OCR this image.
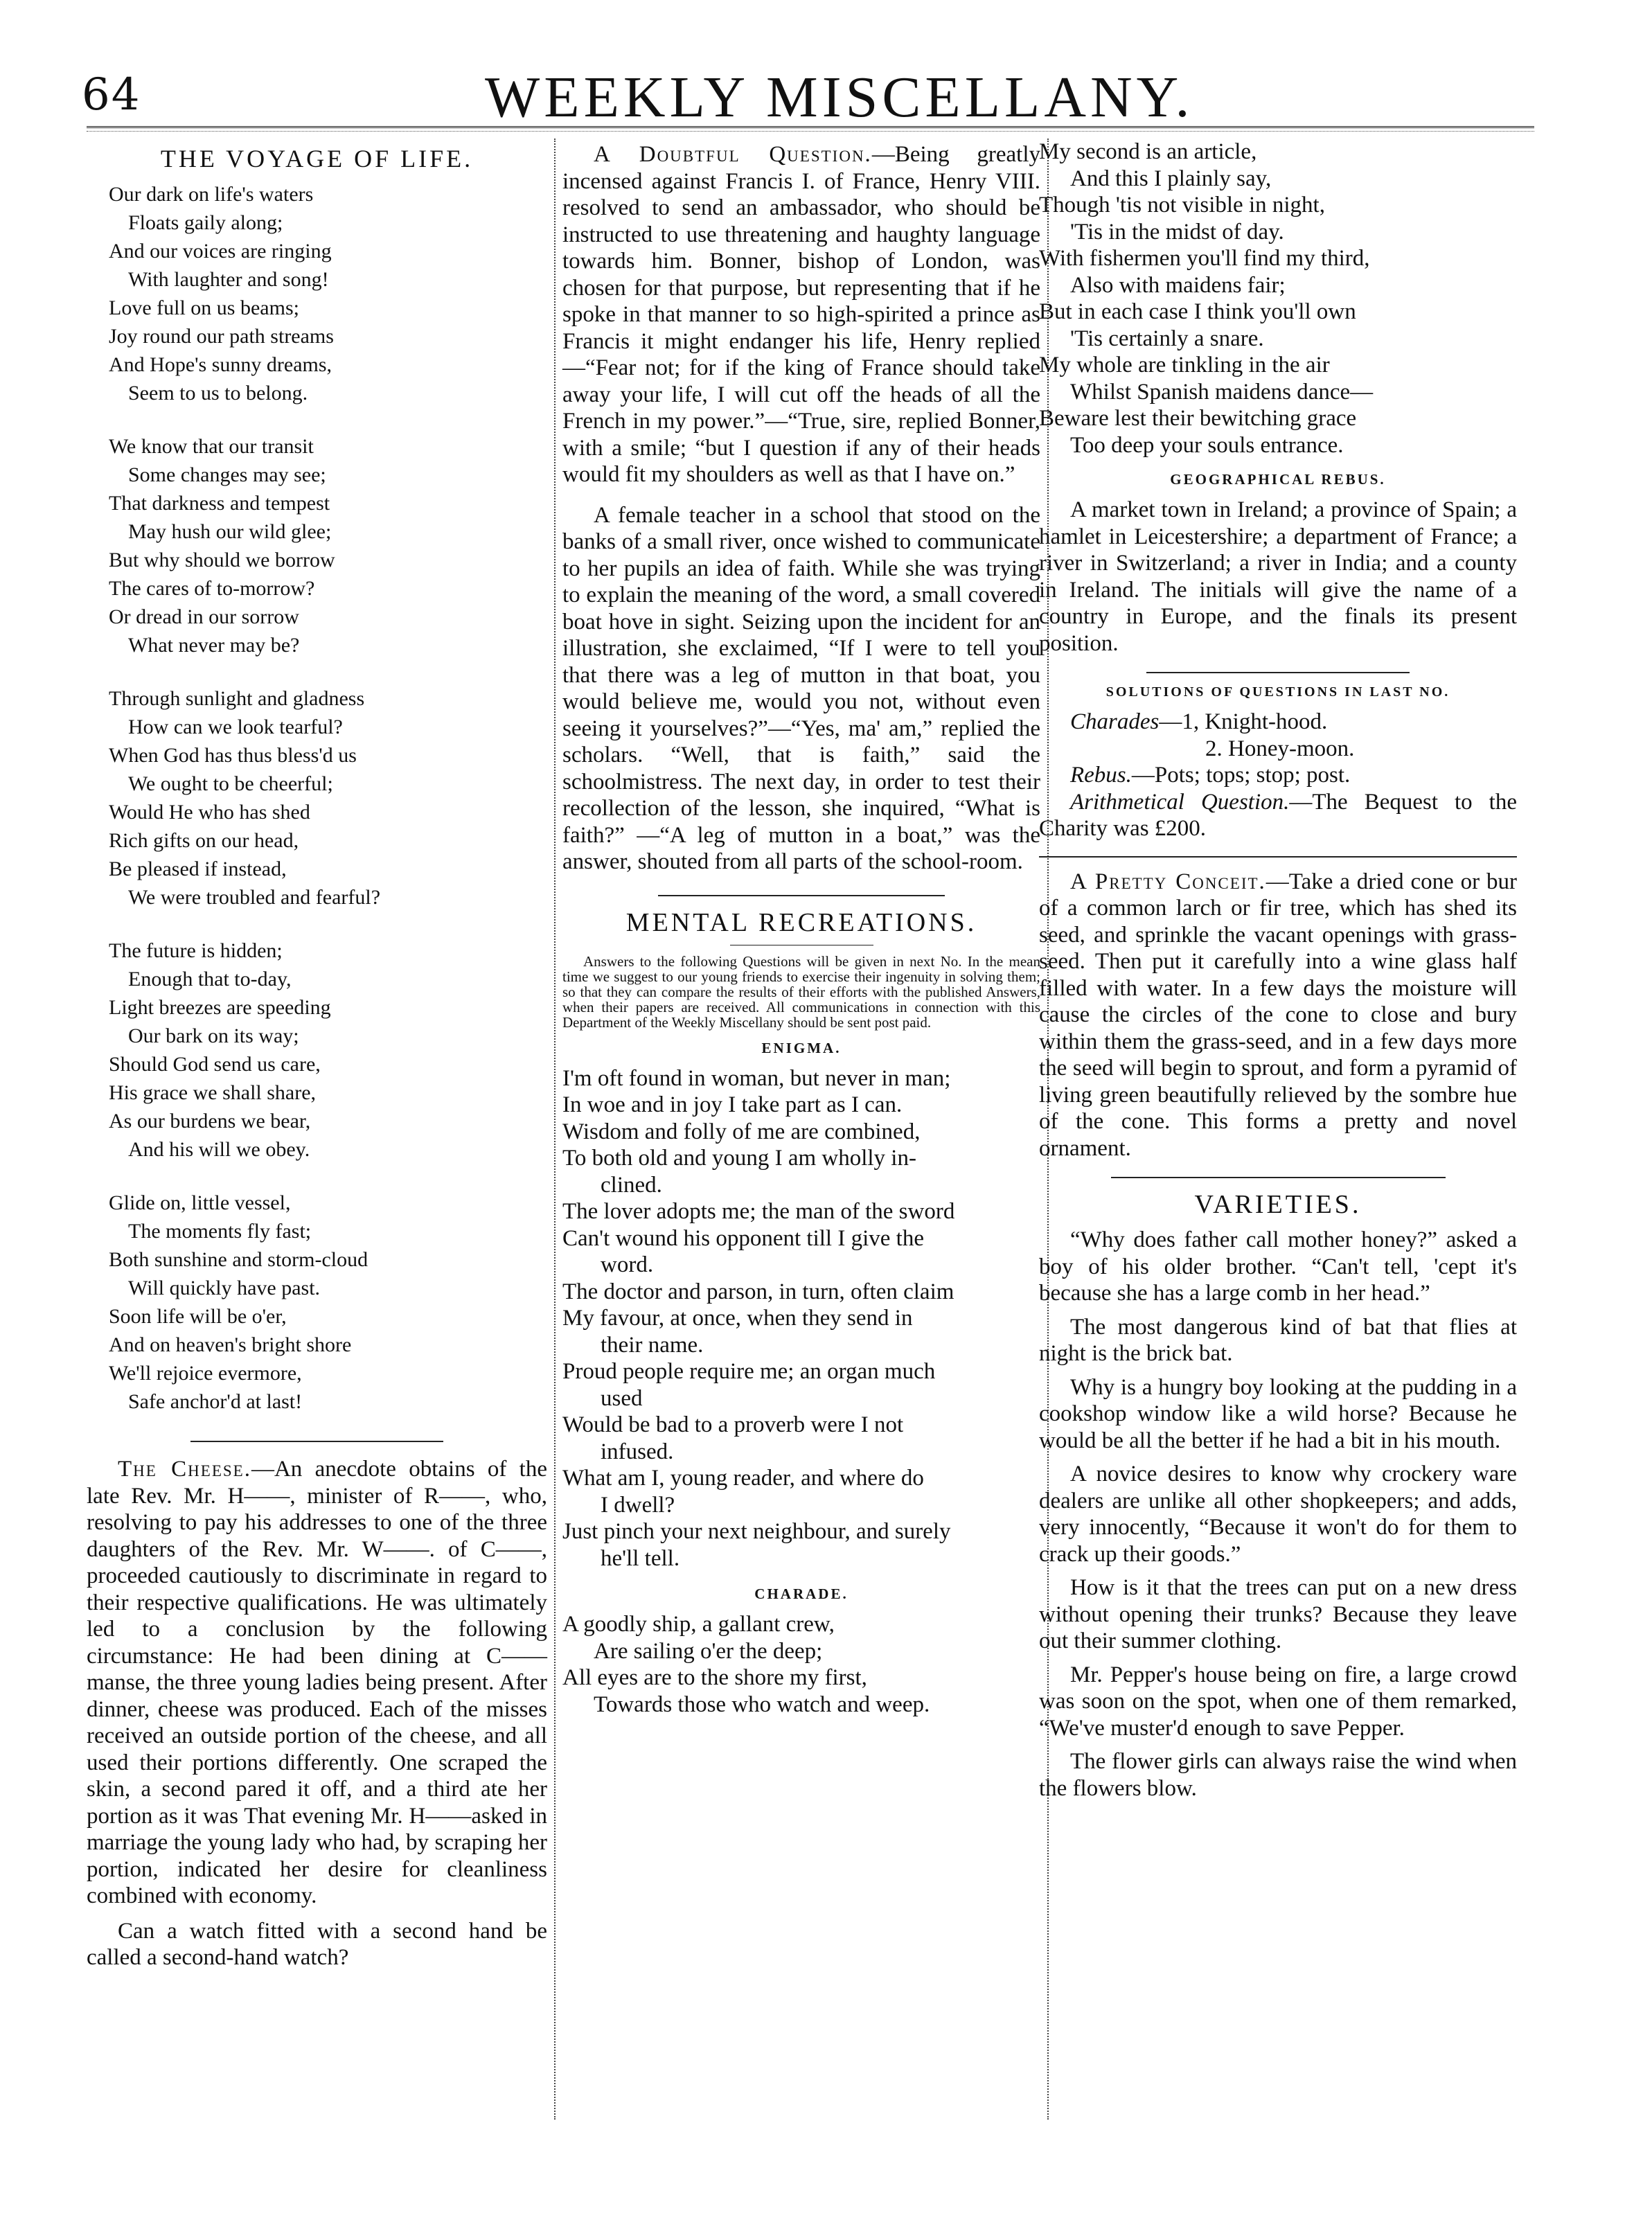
64	WEEKLY MISCELLANY.
THE VOYAGE OF LIFE.
Our dark on life's waters
Floats gaily along;
And our voices are ringing
With laughter and song!
Love full on us beams;
Joy round our path streams
And Hope's sunny dreams,
Seem to us to belong.
We know that our transit
Some changes may see;
That darkness and tempest
May hush our wild glee;
But why should we borrow
The cares of to-morrow?
Or dread in our sorrow
What never may be?
Through sunlight and gladness
How can we look tearful?
When God has thus bless'd us
We ought to be cheerful;
Would He who has shed
Rich gifts on our head,
Be pleased if instead,
We were troubled and fearful?
The future is hidden;
Enough that to-day,
Light breezes are speeding
Our bark on its way;
Should God send us care,
His grace we shall share,
As our burdens we bear,
And his will we obey.
Glide on, little vessel,
The moments fly fast;
Both sunshine and storm-cloud
Will quickly have past.
Soon life will be o'er,
And on heaven's bright shore
We'll rejoice evermore,
Safe anchor'd at last!

The Cheese.—An anecdote obtains of the late Rev. Mr. H——, minister of R——, who, resolving to pay his addresses to one of the three daughters of the Rev. Mr. W——. of C——, proceeded cautiously to discriminate in regard to their respective qualifications. He was ultimately led to a conclusion by the following circumstance: He had been dining at C—— manse, the three young ladies being present. After dinner, cheese was produced. Each of the misses received an outside portion of the cheese, and all used their portions differently. One scraped the skin, a second pared it off, and a third ate her portion as it was That evening Mr. H——asked in marriage the young lady who had, by scraping her portion, indicated her desire for cleanliness combined with economy.

Can a watch fitted with a second hand be called a second-hand watch?

A Doubtful Question.—Being greatly incensed against Francis I. of France, Henry VIII. resolved to send an ambassador, who should be instructed to use threatening and haughty language towards him. Bonner, bishop of London, was chosen for that purpose, but representing that if he spoke in that manner to so high-spirited a prince as Francis it might endanger his life, Henry replied—“Fear not; for if the king of France should take away your life, I will cut off the heads of all the French in my power.”—“True, sire, replied Bonner, with a smile; “but I question if any of their heads would fit my shoulders as well as that I have on.”

A female teacher in a school that stood on the banks of a small river, once wished to communicate to her pupils an idea of faith. While she was trying to explain the meaning of the word, a small covered boat hove in sight. Seizing upon the incident for an illustration, she exclaimed, “If I were to tell you that there was a leg of mutton in that boat, you would believe me, would you not, without even seeing it yourselves?”—“Yes, ma' am,” replied the scholars. “Well, that is faith,” said the schoolmistress. The next day, in order to test their recollection of the lesson, she inquired, “What is faith?” —“A leg of mutton in a boat,” was the answer, shouted from all parts of the school-room.

MENTAL RECREATIONS.

Answers to the following Questions will be given in next No. In the mean time we suggest to our young friends to exercise their ingenuity in solving them; so that they can compare the results of their efforts with the published Answers, when their papers are received. All communications in connection with this Department of the Weekly Miscellany should be sent post paid.

ENIGMA.
I'm oft found in woman, but never in man;
In woe and in joy I take part as I can.
Wisdom and folly of me are combined,
To both old and young I am wholly in-
clined.
The lover adopts me; the man of the sword
Can't wound his opponent till I give the
word.
The doctor and parson, in turn, often claim
My favour, at once, when they send in
their name.
Proud people require me; an organ much
used
Would be bad to a proverb were I not
infused.
What am I, young reader, and where do
I dwell?
Just pinch your next neighbour, and surely
he'll tell.
CHARADE.
A goodly ship, a gallant crew,
Are sailing o'er the deep;
All eyes are to the shore my first,
Towards those who watch and weep.
My second is an article,
And this I plainly say,
Though 'tis not visible in night,
'Tis in the midst of day.
With fishermen you'll find my third,
Also with maidens fair;
But in each case I think you'll own
'Tis certainly a snare.
My whole are tinkling in the air
Whilst Spanish maidens dance—
Beware lest their bewitching grace
Too deep your souls entrance.
GEOGRAPHICAL REBUS.

A market town in Ireland; a province of Spain; a hamlet in Leicestershire; a department of France; a river in Switzerland; a river in India; and a county in Ireland. The initials will give the name of a country in Europe, and the finals its present position.

SOLUTIONS OF QUESTIONS IN LAST NO.

Charades—1, Knight-hood.

2. Honey-moon.

Rebus.—Pots; tops; stop; post.

Arithmetical Question.—The Bequest to the Charity was £200.

A Pretty Conceit.—Take a dried cone or bur of a common larch or fir tree, which has shed its seed, and sprinkle the vacant openings with grass-seed. Then put it carefully into a wine glass half filled with water. In a few days the moisture will cause the circles of the cone to close and bury within them the grass-seed, and in a few days more the seed will begin to sprout, and form a pyramid of living green beautifully relieved by the sombre hue of the cone. This forms a pretty and novel ornament.

VARIETIES.

“Why does father call mother honey?” asked a boy of his older brother. “Can't tell, 'cept it's because she has a large comb in her head.”

The most dangerous kind of bat that flies at night is the brick bat.

Why is a hungry boy looking at the pudding in a cookshop window like a wild horse? Because he would be all the better if he had a bit in his mouth.

A novice desires to know why crockery ware dealers are unlike all other shopkeepers; and adds, very innocently, “Because it won't do for them to crack up their goods.”

How is it that the trees can put on a new dress without opening their trunks? Because they leave out their summer clothing.

Mr. Pepper's house being on fire, a large crowd was soon on the spot, when one of them remarked, “We've muster'd enough to save Pepper.

The flower girls can always raise the wind when the flowers blow.
